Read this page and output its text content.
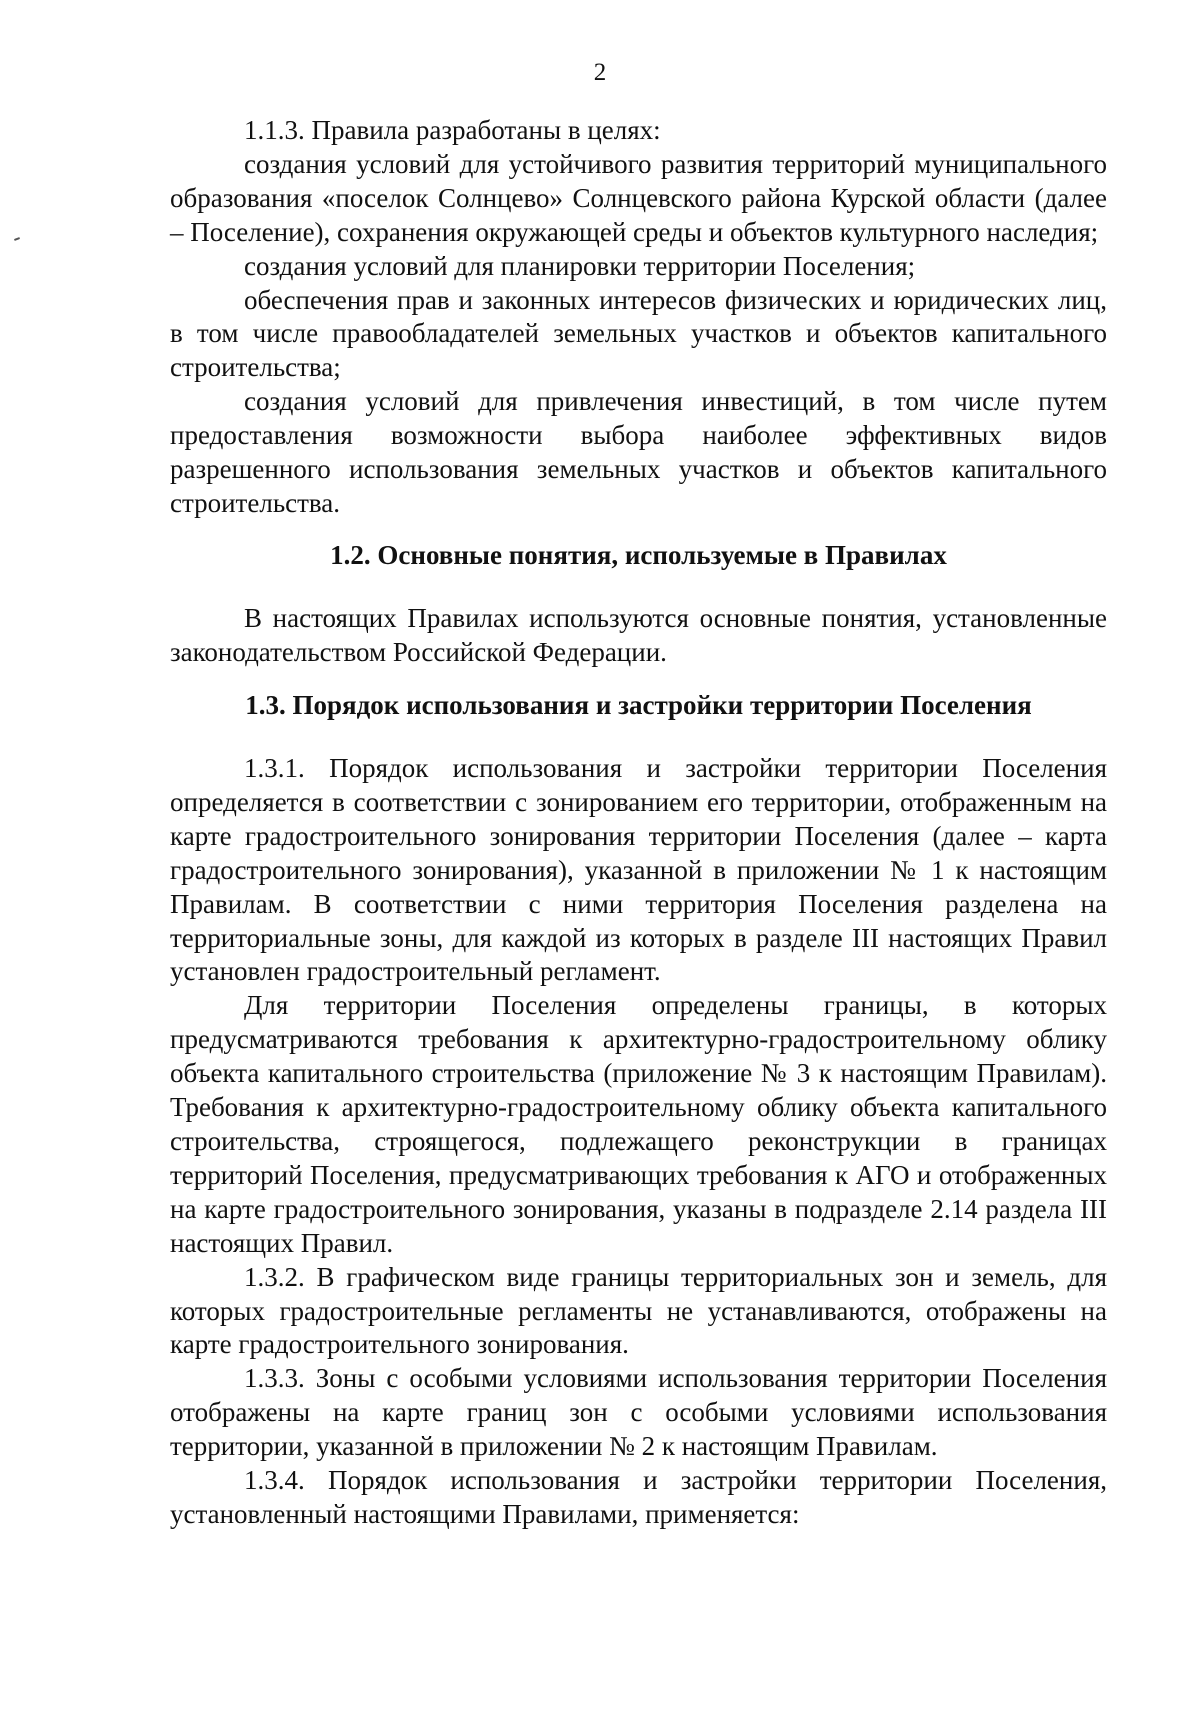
2

1.1.3. Правила разработаны в целях:

создания условий для устойчивого развития территорий муниципального образования «поселок Солнцево» Солнцевского района Курской области (далее – Поселение), сохранения окружающей среды и объектов культурного наследия;

создания условий для планировки территории Поселения;

обеспечения прав и законных интересов физических и юридических лиц, в том числе правообладателей земельных участков и объектов капитального строительства;

создания условий для привлечения инвестиций, в том числе путем предоставления возможности выбора наиболее эффективных видов разрешенного использования земельных участков и объектов капитального строительства.

1.2. Основные понятия, используемые в Правилах

В настоящих Правилах используются основные понятия, установленные законодательством Российской Федерации.

1.3. Порядок использования и застройки территории Поселения

1.3.1. Порядок использования и застройки территории Поселения определяется в соответствии с зонированием его территории, отображенным на карте градостроительного зонирования территории Поселения (далее – карта градостроительного зонирования), указанной в приложении № 1 к настоящим Правилам. В соответствии с ними территория Поселения разделена на территориальные зоны, для каждой из которых в разделе III настоящих Правил установлен градостроительный регламент.

Для территории Поселения определены границы, в которых предусматриваются требования к архитектурно-градостроительному облику объекта капитального строительства (приложение № 3 к настоящим Правилам). Требования к архитектурно-градостроительному облику объекта капитального строительства, строящегося, подлежащего реконструкции в границах территорий Поселения, предусматривающих требования к АГО и отображенных на карте градостроительного зонирования, указаны в подразделе 2.14 раздела III настоящих Правил.

1.3.2. В графическом виде границы территориальных зон и земель, для которых градостроительные регламенты не устанавливаются, отображены на карте градостроительного зонирования.

1.3.3. Зоны с особыми условиями использования территории Поселения отображены на карте границ зон с особыми условиями использования территории, указанной в приложении № 2 к настоящим Правилам.

1.3.4. Порядок использования и застройки территории Поселения, установленный настоящими Правилами, применяется:
